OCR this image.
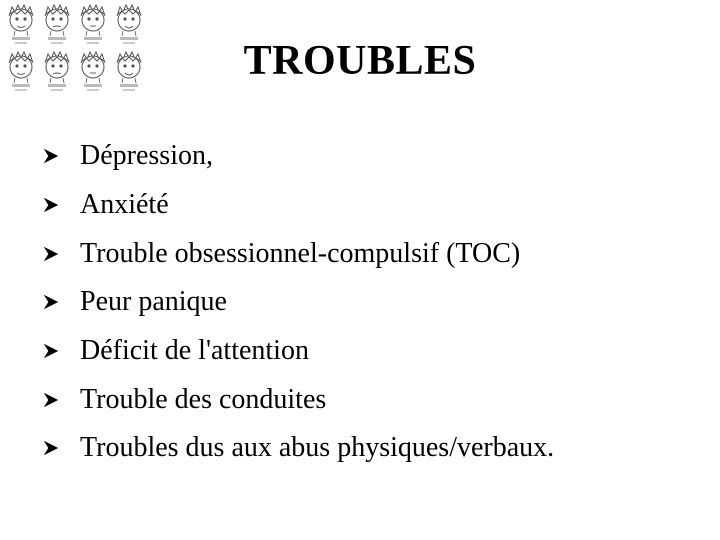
TROUBLES
Dépression,
Anxiété
Trouble obsessionnel-compulsif (TOC)
Peur panique
Déficit de l'attention
Trouble des conduites
Troubles dus aux abus physiques/verbaux.
